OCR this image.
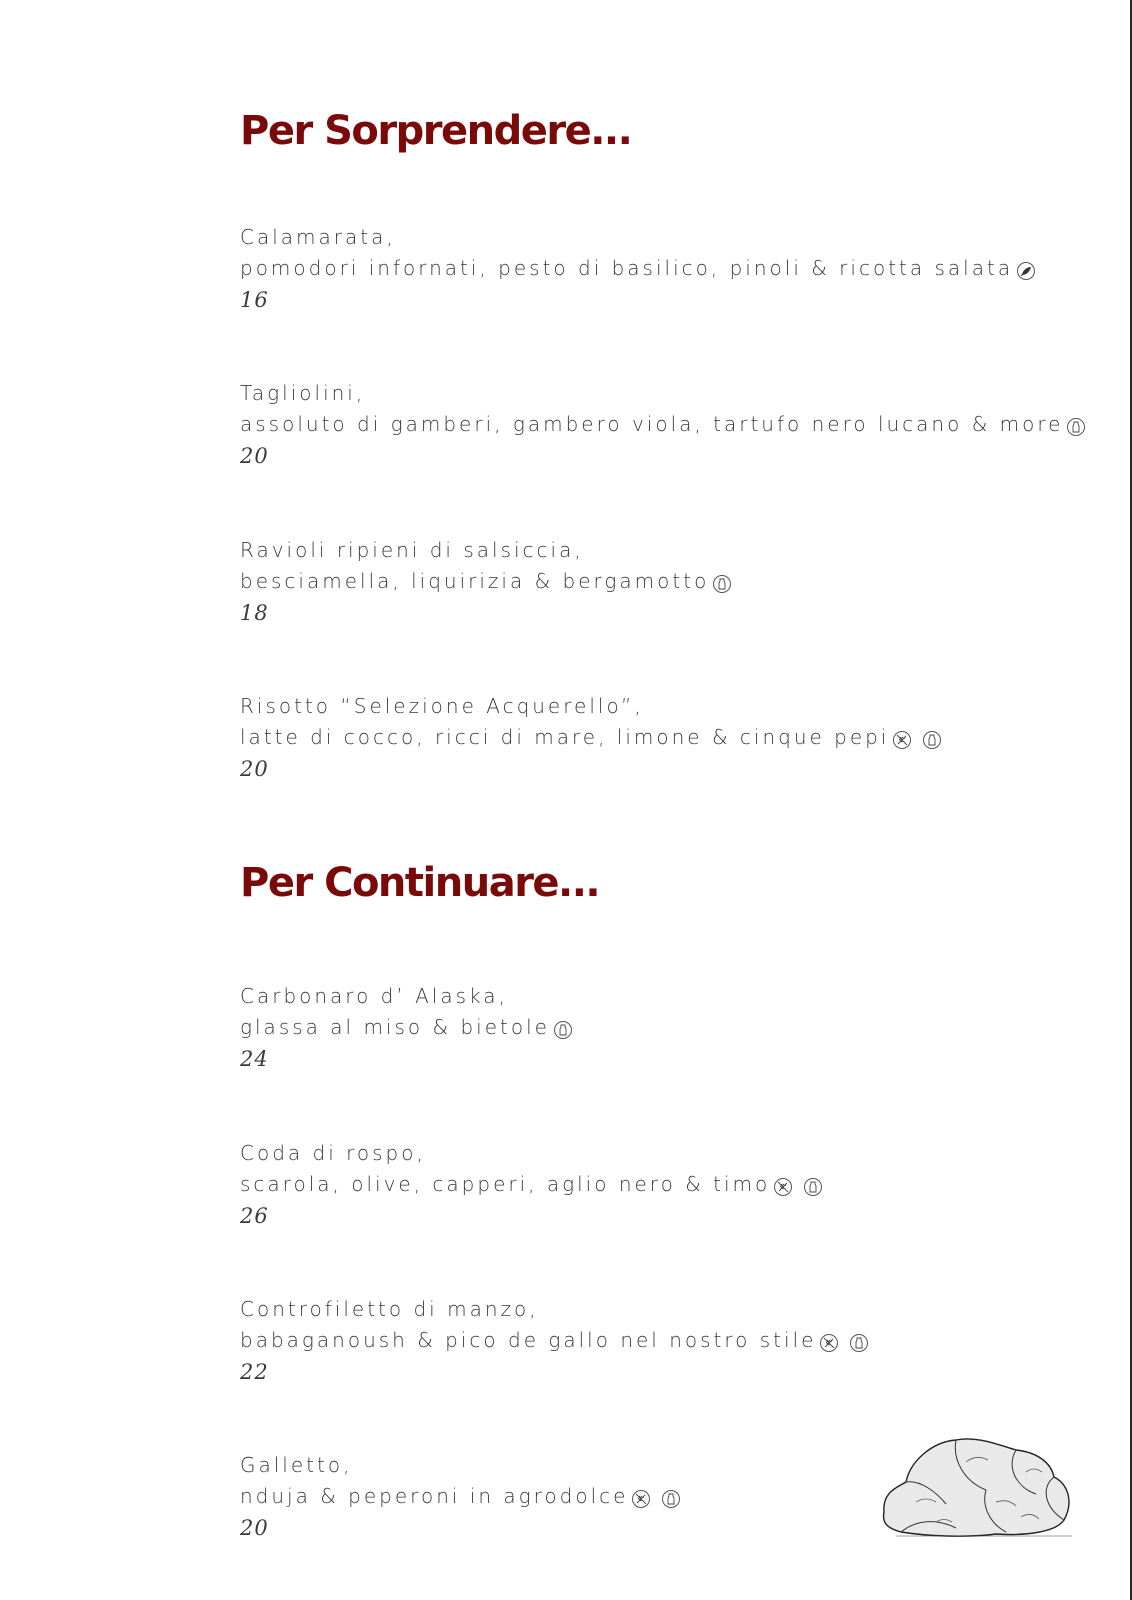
Per Sorprendere...
Calamarata,
pomodori infornati, pesto di basilico, pinoli & ricotta salata
16
Tagliolini,
assoluto di gamberi, gambero viola, tartufo nero lucano & more
20
Ravioli ripieni di salsiccia,
besciamella, liquirizia & bergamotto
18
Risotto “Selezione Acquerello”,
latte di cocco, ricci di mare, limone & cinque pepi

20
Per Continuare...
Carbonaro d’ Alaska,
glassa al miso & bietole
24
Coda di rospo,
scarola, olive, capperi, aglio nero & timo

26
Controfiletto di manzo,
babaganoush & pico de gallo nel nostro stile

22
Galletto,
nduja & peperoni in agrodolce

20
